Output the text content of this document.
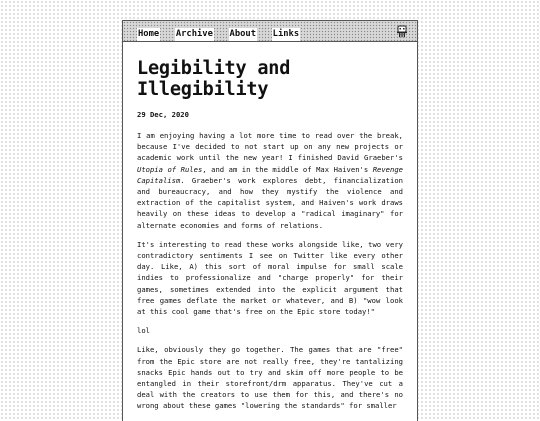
Home Archive About Links
Legibility and Illegibility
29 Dec, 2020

I am enjoying having a lot more time to read over the break, because I've decided to not start up on any new projects or academic work until the new year! I finished David Graeber's Utopia of Rules, and am in the middle of Max Haiven's Revenge Capitalism. Graeber's work explores debt, financialization and bureaucracy, and how they mystify the violence and extraction of the capitalist system, and Haiven's work draws heavily on these ideas to develop a "radical imaginary" for alternate economies and forms of relations.

It's interesting to read these works alongside like, two very contradictory sentiments I see on Twitter like every other day. Like, A) this sort of moral impulse for small scale indies to professionalize and "charge properly" for their games, sometimes extended into the explicit argument that free games deflate the market or whatever, and B) "wow look at this cool game that's free on the Epic store today!"

lol

Like, obviously they go together. The games that are "free" from the Epic store are not really free, they're tantalizing snacks Epic hands out to try and skim off more people to be entangled in their storefront/drm apparatus. They've cut a deal with the creators to use them for this, and there's no wrong about these games "lowering the standards" for smaller
